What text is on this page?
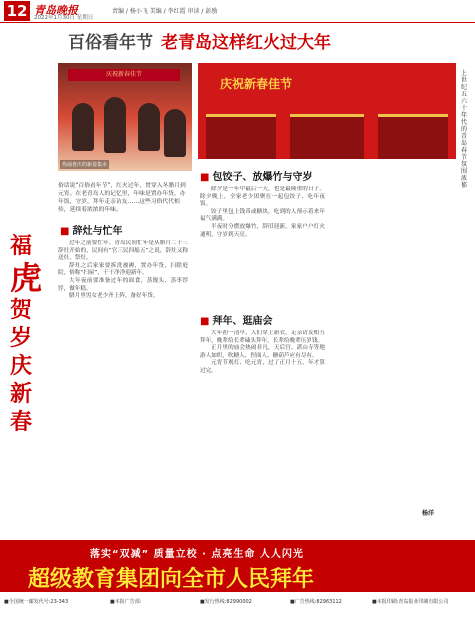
12 青岛晚报
2022年1月30日 星期日
责编 / 杨小飞 美编 / 李红霞 审读 / 彭励
百俗看年节 老青岛这样红火过大年
庆祝新春佳节
热闹喜庆的新春集市
庆祝新春佳节
上世纪五六十年代的青岛春节氛围浓郁
福
虎
贺
岁
庆
新
春
俗话说“百俗看年节”，红火过年，贯穿入冬腊月到元宵。在老青岛人的记忆里，年味是置办年货，办年饭，守岁，拜年走亲访友……这些习俗代代相传，延续着浓浓的年味。
■ 辞灶与忙年

过年之前要忙年。青岛民间忙年是从腊月二十三辞灶开始的，民间有“官三民四船五”之说，辞灶又称送灶、祭灶。

辞灶之后家家要拆洗被褥，置办年货，扫除庭院，俗称“扫屋”，干干净净迎新年。

大年夜前要准备过年的面食，蒸馒头、蒸枣饽饽，做年糕。

腊月里男女老少齐上阵，备好年货。

■ 包饺子、放爆竹与守岁

除夕是一年中最后一天，也是最隆重的日子。除夕晚上，全家老少团聚在一起包饺子、吃年夜饭。

饺子里包上钱币或糖块，吃到的人预示着来年福气满满。

半夜时分燃放爆竹，辞旧迎新，家家户户灯火通明，守岁到天亮。

■ 拜年、逛庙会

大年初一清早，人们穿上新衣，走亲访友相互拜年，晚辈给长辈磕头拜年，长辈给晚辈压岁钱。

正月里的庙会热闹非凡，天后宫、湛山寺等地游人如织，吹糖人、捏面人、糖葫芦应有尽有。

元宵节观灯、吃元宵，过了正月十五，年才算过完。

杨洋
落实“双减” 质量立校 · 点亮生命 人人闪光
超级教育集团向全市人民拜年
■全国统一邮发代号:23-343	■本报广告部:	■发行热线:82990002	■广告热线:82963112	■本报印刷:青岛报业印刷有限公司
